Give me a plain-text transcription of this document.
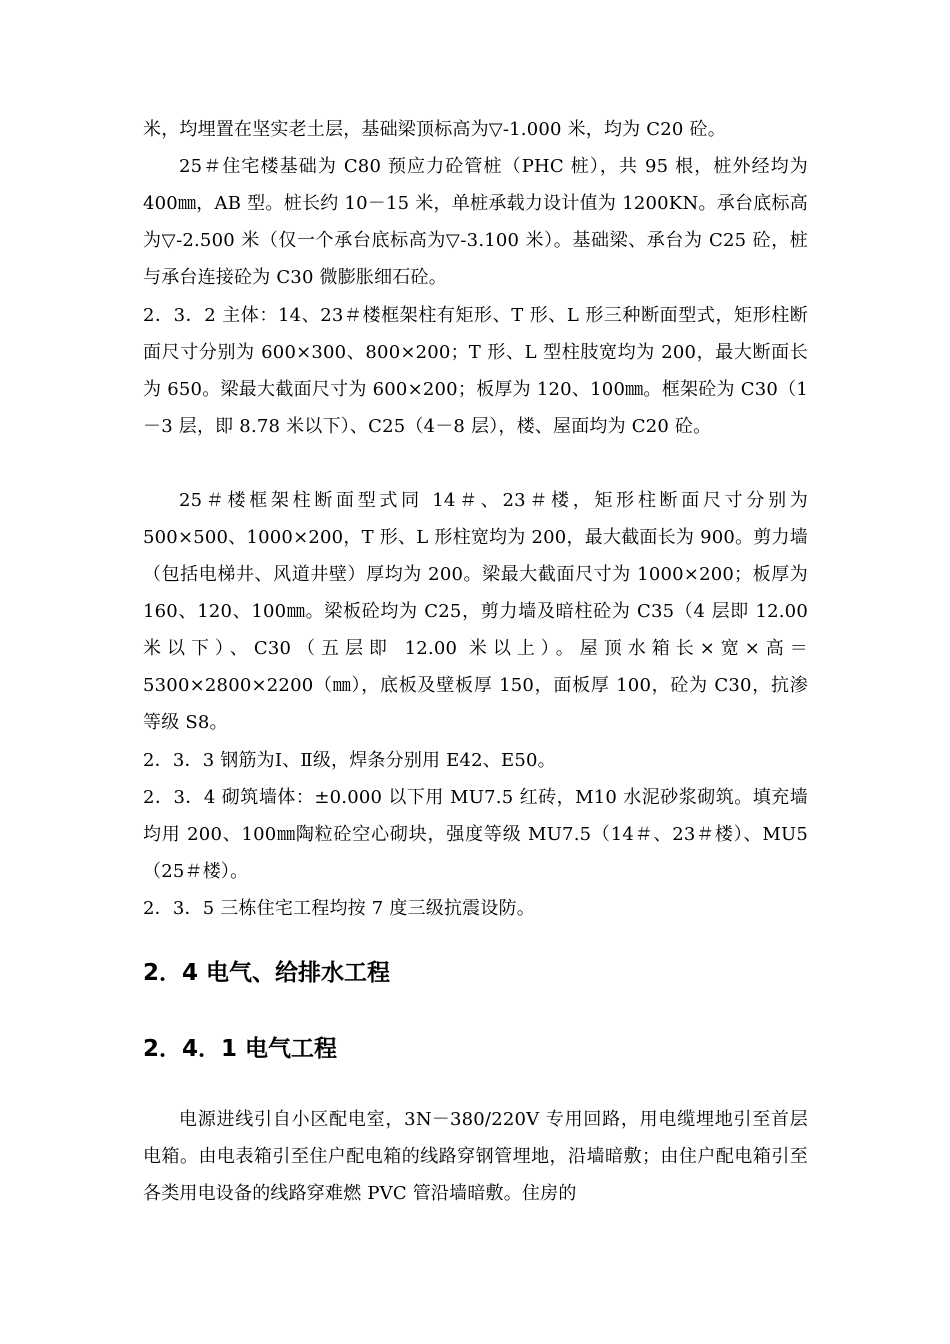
米，均埋置在坚实老土层，基础梁顶标高为▽-1.000 米，均为 C20 砼。
25＃住宅楼基础为 C80 预应力砼管桩（PHC 桩），共 95 根，桩外经均为 400㎜，AB 型。桩长约 10－15 米，单桩承载力设计值为 1200KN。承台底标高为▽-2.500 米（仅一个承台底标高为▽-3.100 米）。基础梁、承台为 C25 砼，桩与承台连接砼为 C30 微膨胀细石砼。
2．3．2 主体：14、23＃楼框架柱有矩形、T 形、L 形三种断面型式，矩形柱断面尺寸分别为 600×300、800×200；T 形、L 型柱肢宽均为 200，最大断面长为 650。梁最大截面尺寸为 600×200；板厚为 120、100㎜。框架砼为 C30（1－3 层，即 8.78 米以下）、C25（4－8 层），楼、屋面均为 C20 砼。
25＃楼框架柱断面型式同 14＃、23＃楼，矩形柱断面尺寸分别为 500×500、1000×200，T 形、L 形柱宽均为 200，最大截面长为 900。剪力墙（包括电梯井、风道井壁）厚均为 200。梁最大截面尺寸为 1000×200；板厚为 160、120、100㎜。梁板砼均为 C25，剪力墙及暗柱砼为 C35（4 层即 12.00 米以下）、C30（五层即 12.00 米以上）。屋顶水箱长×宽×高＝5300×2800×2200（㎜），底板及壁板厚 150，面板厚 100，砼为 C30，抗渗等级 S8。
2．3．3 钢筋为Ⅰ、Ⅱ级，焊条分别用 E42、E50。
2．3．4 砌筑墙体：±0.000 以下用 MU7.5 红砖，M10 水泥砂浆砌筑。填充墙均用 200、100㎜陶粒砼空心砌块，强度等级 MU7.5（14＃、23＃楼）、MU5（25＃楼）。
2．3．5 三栋住宅工程均按 7 度三级抗震设防。
2．4 电气、给排水工程
2．4．1 电气工程
电源进线引自小区配电室，3N－380/220V 专用回路，用电缆埋地引至首层电箱。由电表箱引至住户配电箱的线路穿钢管埋地，沿墙暗敷；由住户配电箱引至各类用电设备的线路穿难燃 PVC 管沿墙暗敷。住房的
